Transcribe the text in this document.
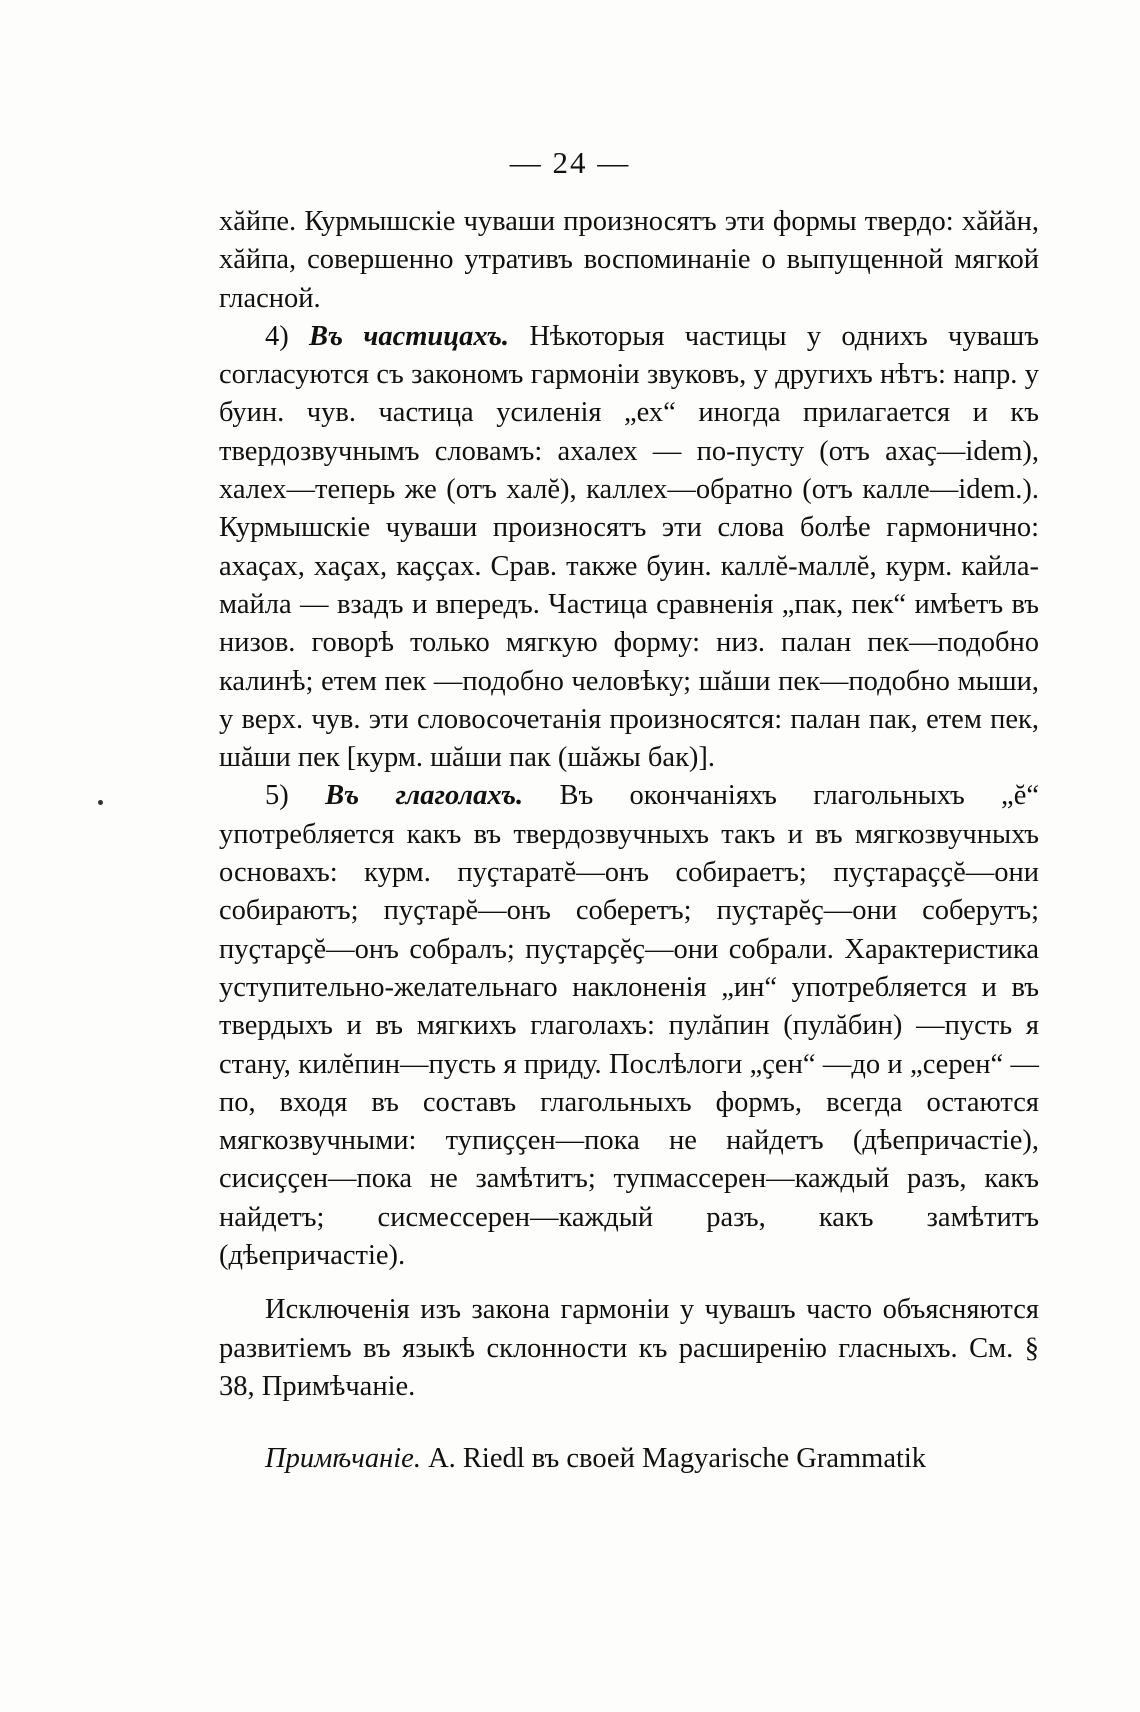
— 24 —

хăйпе. Курмышскiе чуваши произносятъ эти формы твердо: хăйăн, хăйпа, совершенно утративъ воспоминанiе о выпущенной мягкой гласной.

4) Въ частицахъ. Нѣкоторыя частицы у однихъ чувашъ согласуются съ закономъ гармонiи звуковъ, у другихъ нѣтъ: напр. у буин. чув. частица усиленiя „ех“ иногда прилагается и къ твердозвучнымъ словамъ: ахалех — по-пусту (отъ ахаҫ—idem), халех—теперь же (отъ халĕ), каллех—обратно (отъ калле—idem.). Курмышскiе чуваши произносятъ эти слова болѣе гармонично: ахаҫах, хаҫах, каҫҫах. Срав. также буин. каллĕ-маллĕ, курм. кайла-майла — взадъ и впередъ. Частица сравненiя „пак, пек“ имѣетъ въ низов. говорѣ только мягкую форму: низ. палан пек—подобно калинѣ; етем пек —подобно человѣку; шăши пек—подобно мыши, у верх. чув. эти словосочетанiя произносятся: палан пак, етем пек, шăши пек [курм. шăши пак (шăжы бак)].

5) Въ глаголахъ. Въ окончанiяхъ глагольныхъ „ĕ“ употребляется какъ въ твердозвучныхъ такъ и въ мягкозвучныхъ основахъ: курм. пуҫтаратĕ—онъ собираетъ; пуҫтараҫҫĕ—они собираютъ; пуҫтарĕ—онъ соберетъ; пуҫтарĕҫ—они соберутъ; пуҫтарҫĕ—онъ собралъ; пуҫтарҫĕҫ—они собрали. Характеристика уступительно-желательнаго наклоненiя „ин“ употребляется и въ твердыхъ и въ мягкихъ глаголахъ: пулăпин (пулăбин) —пусть я стану, килĕпин—пусть я приду. Послѣлоги „ҫен“ —до и „серен“ — по, входя въ составъ глагольныхъ формъ, всегда остаются мягкозвучными: тупиҫҫен—пока не найдетъ (дѣепричастiе), сисиҫҫен—пока не замѣтитъ; тупмассерен—каждый разъ, какъ найдетъ; сисмессерен—каждый разъ, какъ замѣтитъ (дѣепричастiе).

Исключенiя изъ закона гармонiи у чувашъ часто объясняются развитiемъ въ языкѣ склонности къ расширенiю гласныхъ. См. § 38, Примѣчанiе.

Примѣчанiе. A. Riedl въ своей Magyarische Grammatik
